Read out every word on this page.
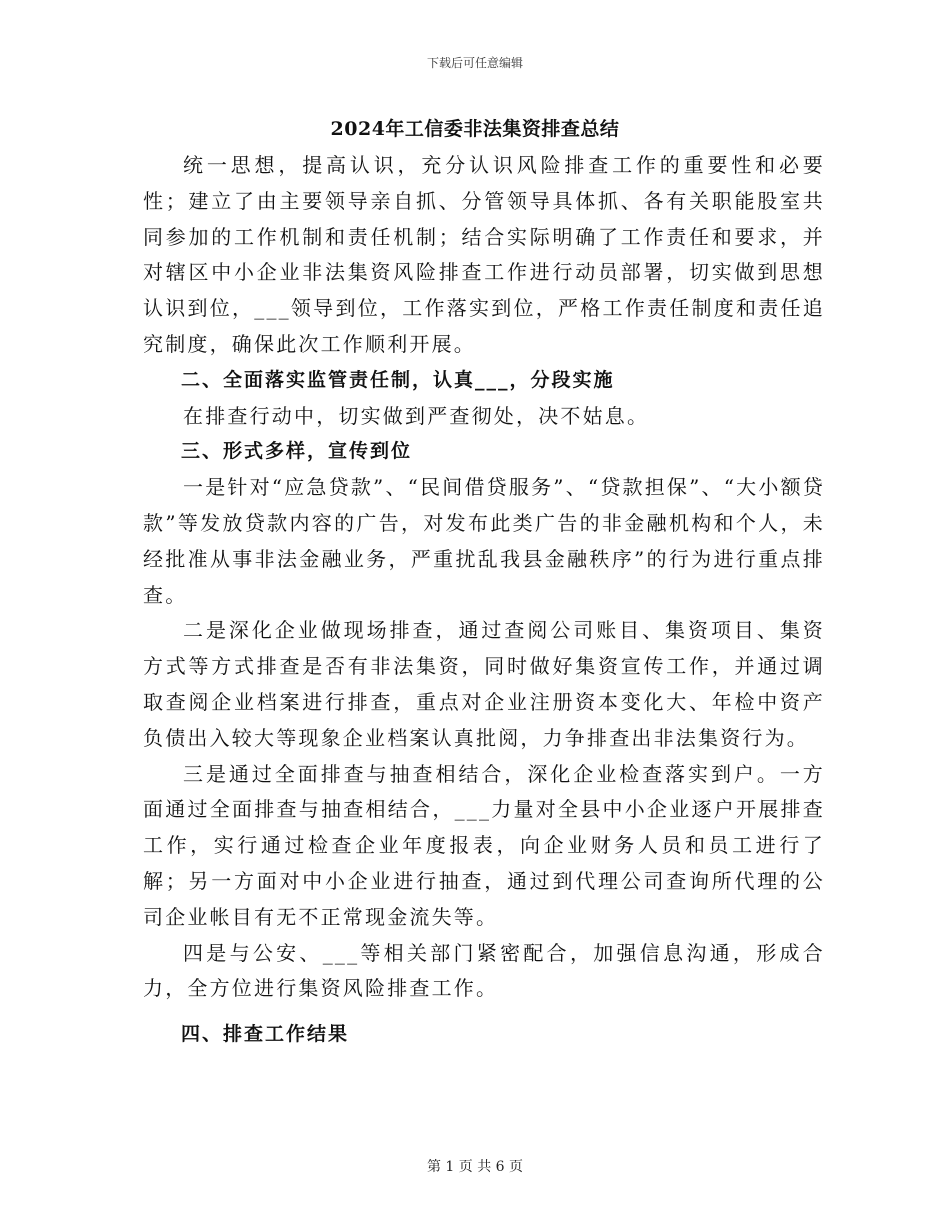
下载后可任意编辑
2024年工信委非法集资排查总结

统一思想，提高认识，充分认识风险排查工作的重要性和必要性；建立了由主要领导亲自抓、分管领导具体抓、各有关职能股室共同参加的工作机制和责任机制；结合实际明确了工作责任和要求，并对辖区中小企业非法集资风险排查工作进行动员部署，切实做到思想认识到位，___领导到位，工作落实到位，严格工作责任制度和责任追究制度，确保此次工作顺利开展。

二、全面落实监管责任制，认真___，分段实施

在排查行动中，切实做到严查彻处，决不姑息。

三、形式多样，宣传到位

一是针对“应急贷款”、“民间借贷服务”、“贷款担保”、“大小额贷款”等发放贷款内容的广告，对发布此类广告的非金融机构和个人，未经批准从事非法金融业务，严重扰乱我县金融秩序”的行为进行重点排查。

二是深化企业做现场排查，通过查阅公司账目、集资项目、集资方式等方式排查是否有非法集资，同时做好集资宣传工作，并通过调取查阅企业档案进行排查，重点对企业注册资本变化大、年检中资产负债出入较大等现象企业档案认真批阅，力争排查出非法集资行为。

三是通过全面排查与抽查相结合，深化企业检查落实到户。一方面通过全面排查与抽查相结合，___力量对全县中小企业逐户开展排查工作，实行通过检查企业年度报表，向企业财务人员和员工进行了解；另一方面对中小企业进行抽查，通过到代理公司查询所代理的公司企业帐目有无不正常现金流失等。

四是与公安、___等相关部门紧密配合，加强信息沟通，形成合力，全方位进行集资风险排查工作。

四、排查工作结果

第 1 页 共 6 页
